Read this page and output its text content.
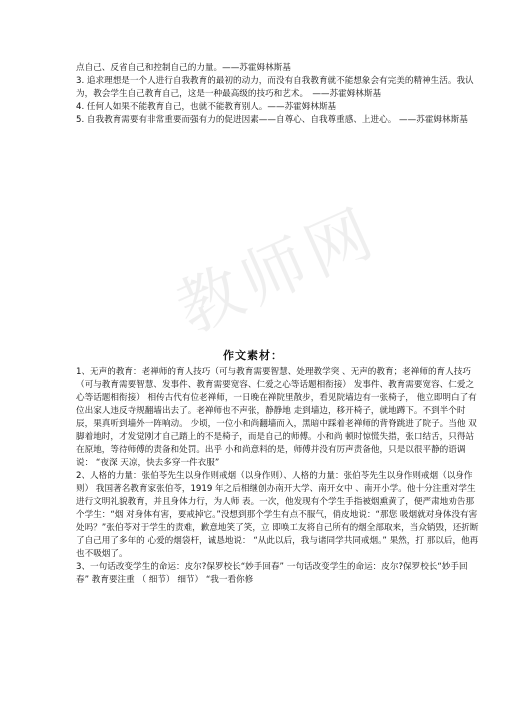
教师网

点自己、反省自己和控制自己的力量。——苏霍姆林斯基

3. 追求理想是一个人进行自我教育的最初的动力，而没有自我教育就不能想象会有完美的精神生活。我认为，教会学生自己教育自己，这是一种最高级的技巧和艺术。　——苏霍姆林斯基

4. 任何人如果不能教育自己，也就不能教育别人。——苏霍姆林斯基

5. 自我教育需要有非常重要而强有力的促进因素——自尊心、自我尊重感、上进心。 ——苏霍姆林斯基

作文素材：

1、无声的教育：老禅师的育人技巧（可与教育需要智慧、处理教学突 、无声的教育；老禅师的育人技巧（可与教育需要智慧、发事件、教育需要宽容、仁爱之心等话题相衔接） 发事件、教育需要宽容、仁爱之心等话题相衔接） 相传古代有位老禅师，一日晚在禅院里散步，看见院墙边有一张椅子， 他立即明白了有位出家人违反寺规翻墙出去了。老禅师也不声张，静静地 走到墙边，移开椅子，就地蹲下。不到半个时辰，果真听到墙外一阵响动。 少顷，一位小和尚翻墙而入，黑暗中踩着老禅师的背脊跳进了院子。当他 双脚着地时，才发觉刚才自己踏上的不是椅子，而是自己的师傅。小和尚 顿时惊慌失措，张口结舌，只得站在原地，等待师傅的责备和处罚。出乎 小和尚意料的是，师傅并没有厉声责备他，只是以很平静的语调说： “夜深 天凉，快去多穿一件衣服”

2、人格的力量：张伯苓先生以身作则戒烟（以身作则）、人格的力量：张伯苓先生以身作则戒烟（以身作则） 我国著名教育家张伯苓，1919 年之后相继创办南开大学、南开女中 、南开小学。他十分注重对学生进行文明礼貌教育，并且身体力行，为人师 表。一次，他发现有个学生手指被烟熏黄了，便严肃地劝告那个学生：“烟 对身体有害，要戒掉它。”没想到那个学生有点不服气，俏皮地说：“那您 吸烟就对身体没有害处吗？”张伯苓对于学生的责难，歉意地笑了笑，立 即唤工友将自己所有的烟全部取来，当众销毁，还折断了自己用了多年的 心爱的烟袋杆，诚恳地说： “从此以后，我与诸同学共同戒烟。” 果然，打 那以后，他再也不吸烟了。

3、一句话改变学生的命运：皮尔?保罗校长“妙手回春” 一句话改变学生的命运：皮尔?保罗校长“妙手回春” 教育要注重 （ 细节） 细节） “我一看你修
